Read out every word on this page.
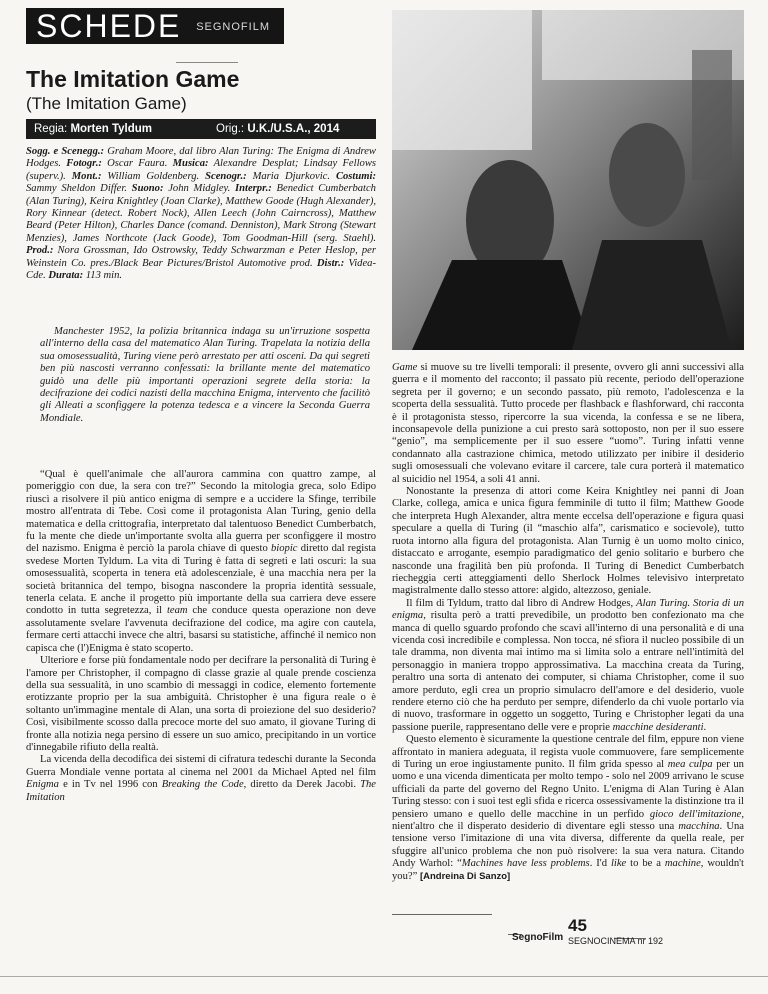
SCHEDE SEGNOFILM
The Imitation Game
(The Imitation Game)
Regia: Morten Tyldum	Orig.: U.K./U.S.A., 2014

Sogg. e Scenegg.: Graham Moore, dal libro Alan Turing: The Enigma di Andrew Hodges. Fotogr.: Oscar Faura. Musica: Alexandre Desplat; Lindsay Fellows (superv.). Mont.: William Goldenberg. Scenogr.: Maria Djurkovic. Costumi: Sammy Sheldon Differ. Suono: John Midgley. Interpr.: Benedict Cumberbatch (Alan Turing), Keira Knightley (Joan Clarke), Matthew Goode (Hugh Alexander), Rory Kinnear (detect. Robert Nock), Allen Leech (John Cairncross), Matthew Beard (Peter Hilton), Charles Dance (comand. Denniston), Mark Strong (Stewart Menzies), James Northcote (Jack Goode), Tom Goodman-Hill (serg. Staehl). Prod.: Nora Grossman, Ido Ostrowsky, Teddy Schwarzman e Peter Heslop, per Weinstein Co. pres./Black Bear Pictures/Bristol Automotive prod. Distr.: Videa-Cde. Durata: 113 min.

Manchester 1952, la polizia britannica indaga su un'irruzione sospetta all'interno della casa del matematico Alan Turing. Trapelata la notizia della sua omosessualità, Turing viene però arrestato per atti osceni. Da qui segreti ben più nascosti verranno confessati: la brillante mente del matematico guidò una delle più importanti operazioni segrete della storia: la decifrazione dei codici nazisti della macchina Enigma, intervento che facilitò gli Alleati a sconfiggere la potenza tedesca e a vincere la Seconda Guerra Mondiale.

“Qual è quell'animale che all'aurora cammina con quattro zampe, al pomeriggio con due, la sera con tre?” Secondo la mitologia greca, solo Edipo riuscì a risolvere il più antico enigma di sempre e a uccidere la Sfinge, terribile mostro all'entrata di Tebe. Così come il protagonista Alan Turing, genio della matematica e della crittografia, interpretato dal talentuoso Benedict Cumberbatch, fu la mente che diede un'importante svolta alla guerra per sconfiggere il mostro del nazismo. Enigma è perciò la parola chiave di questo biopic diretto dal regista svedese Morten Tyldum. La vita di Turing è fatta di segreti e lati oscuri: la sua omosessualità, scoperta in tenera età adolescenziale, è una macchia nera per la società britannica del tempo, bisogna nascondere la propria identità sessuale, tenerla celata. E anche il progetto più importante della sua carriera deve essere condotto in tutta segretezza, il team che conduce questa operazione non deve assolutamente svelare l'avvenuta decifrazione del codice, ma agire con cautela, fermare certi attacchi invece che altri, basarsi su statistiche, affinché il nemico non capisca che (l')Enigma è stato scoperto.

Ulteriore e forse più fondamentale nodo per decifrare la personalità di Turing è l'amore per Christopher, il compagno di classe grazie al quale prende coscienza della sua sessualità, in uno scambio di messaggi in codice, elemento fortemente erotizzante proprio per la sua ambiguità. Christopher è una figura reale o è soltanto un'immagine mentale di Alan, una sorta di proiezione del suo desiderio? Così, visibilmente scosso dalla precoce morte del suo amato, il giovane Turing di fronte alla notizia nega persino di essere un suo amico, precipitando in un vortice d'innegabile rifiuto della realtà.

La vicenda della decodifica dei sistemi di cifratura tedeschi durante la Seconda Guerra Mondiale venne portata al cinema nel 2001 da Michael Apted nel film Enigma e in Tv nel 1996 con Breaking the Code, diretto da Derek Jacobi. The Imitation

Game si muove su tre livelli temporali: il presente, ovvero gli anni successivi alla guerra e il momento del racconto; il passato più recente, periodo dell'operazione segreta per il governo; e un secondo passato, più remoto, l'adolescenza e la scoperta della sessualità. Tutto procede per flashback e flashforward, chi racconta è il protagonista stesso, ripercorre la sua vicenda, la confessa e se ne libera, inconsapevole della punizione a cui presto sarà sottoposto, non per il suo essere “genio”, ma semplicemente per il suo essere “uomo”. Turing infatti venne condannato alla castrazione chimica, metodo utilizzato per inibire il desiderio sugli omosessuali che volevano evitare il carcere, tale cura porterà il matematico al suicidio nel 1954, a soli 41 anni.

Nonostante la presenza di attori come Keira Knightley nei panni di Joan Clarke, collega, amica e unica figura femminile di tutto il film; Matthew Goode che interpreta Hugh Alexander, altra mente eccelsa dell'operazione e figura quasi speculare a quella di Turing (il “maschio alfa”, carismatico e socievole), tutto ruota intorno alla figura del protagonista. Alan Turnig è un uomo molto cinico, distaccato e arrogante, esempio paradigmatico del genio solitario e burbero che nasconde una fragilità ben più profonda. Il Turing di Benedict Cumberbatch riecheggia certi atteggiamenti dello Sherlock Holmes televisivo interpretato magistralmente dallo stesso attore: algido, altezzoso, geniale.

Il film di Tyldum, tratto dal libro di Andrew Hodges, Alan Turing. Storia di un enigma, risulta però a tratti prevedibile, un prodotto ben confezionato ma che manca di quello sguardo profondo che scavi all'interno di una personalità e di una vicenda così incredibile e complessa. Non tocca, né sfiora il nucleo possibile di un tale dramma, non diventa mai intimo ma si limita solo a entrare nell'intimità del personaggio in maniera troppo approssimativa. La macchina creata da Turing, peraltro una sorta di antenato dei computer, si chiama Christopher, come il suo amore perduto, egli crea un proprio simulacro dell'amore e del desiderio, vuole rendere eterno ciò che ha perduto per sempre, difenderlo da chi vuole portarlo via di nuovo, trasformare in oggetto un soggetto, Turing e Christopher legati da una passione puerile, rappresentano delle vere e proprie macchine desideranti.

Questo elemento è sicuramente la questione centrale del film, eppure non viene affrontato in maniera adeguata, il regista vuole commuovere, fare semplicemente di Turing un eroe ingiustamente punito. Il film grida spesso al mea culpa per un uomo e una vicenda dimenticata per molto tempo - solo nel 2009 arrivano le scuse ufficiali da parte del governo del Regno Unito. L'enigma di Alan Turing è Alan Turing stesso: con i suoi test egli sfida e ricerca ossessivamente la distinzione tra il pensiero umano e quello delle macchine in un perfido gioco dell'imitazione, nient'altro che il disperato desiderio di diventare egli stesso una macchina. Una tensione verso l'imitazione di una vita diversa, differente da quella reale, per sfuggire all'unico problema che non può risolvere: la sua vera natura. Citando Andy Warhol: “Machines have less problems. I'd like to be a machine, wouldn't you?” [Andreina Di Sanzo]

SegnoFilm
45
SEGNOCINEMA nr 192
